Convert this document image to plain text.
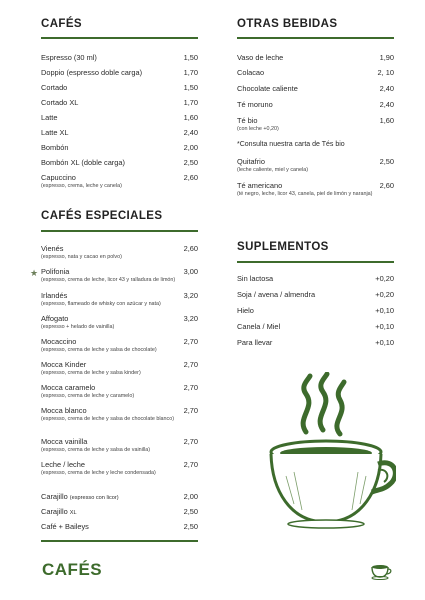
CAFÉS
Espresso (30 ml)	1,50
Doppio (espresso doble carga)	1,70
Cortado	1,50
Cortado XL	1,70
Latte	1,60
Latte XL	2,40
Bombón	2,00
Bombón XL (doble carga)	2,50
Capuccino	2,60
(espresso, crema, leche y canela)
CAFÉS ESPECIALES
Vienés	2,60
(espresso, nata y cacao en polvo)
Polifonia	3,00
(espresso, crema de leche, licor 43 y ralladura de limón)
Irlandés	3,20
(espresso, flameado de whisky con azúcar y nata)
Affogato	3,20
(espresso + helado de vainilla)
Mocaccino	2,70
(espresso, crema de leche y salsa de chocolate)
Mocca Kinder	2,70
(espresso, crema de leche y salsa kinder)
Mocca caramelo	2,70
(espresso, crema de leche y caramelo)
Mocca blanco	2,70
(espresso, crema de leche y salsa de chocolate blanco)
Mocca vainilla	2,70
(espresso, crema de leche y salsa de vainilla)
Leche / leche	2,70
(espresso, crema de leche y leche condensada)
Carajillo (espresso con licor)	2,00
Carajillo XL	2,50
Café + Baileys	2,50
★
OTRAS BEBIDAS
Vaso de leche	1,90
Colacao	2, 10
Chocolate caliente	2,40
Té moruno	2,40
Té bio	1,60
(con leche +0,20)
*Consulta nuestra carta de Tés bio
Quitafrio	2,50
(leche caliente, miel y canela)
Té americano	2,60
(té negro, leche, licor 43, canela, piel de limón y naranja)
SUPLEMENTOS
Sin lactosa	+0,20
Soja / avena / almendra	+0,20
Hielo	+0,10
Canela / Miel	+0,10
Para llevar	+0,10
CAFÉS
